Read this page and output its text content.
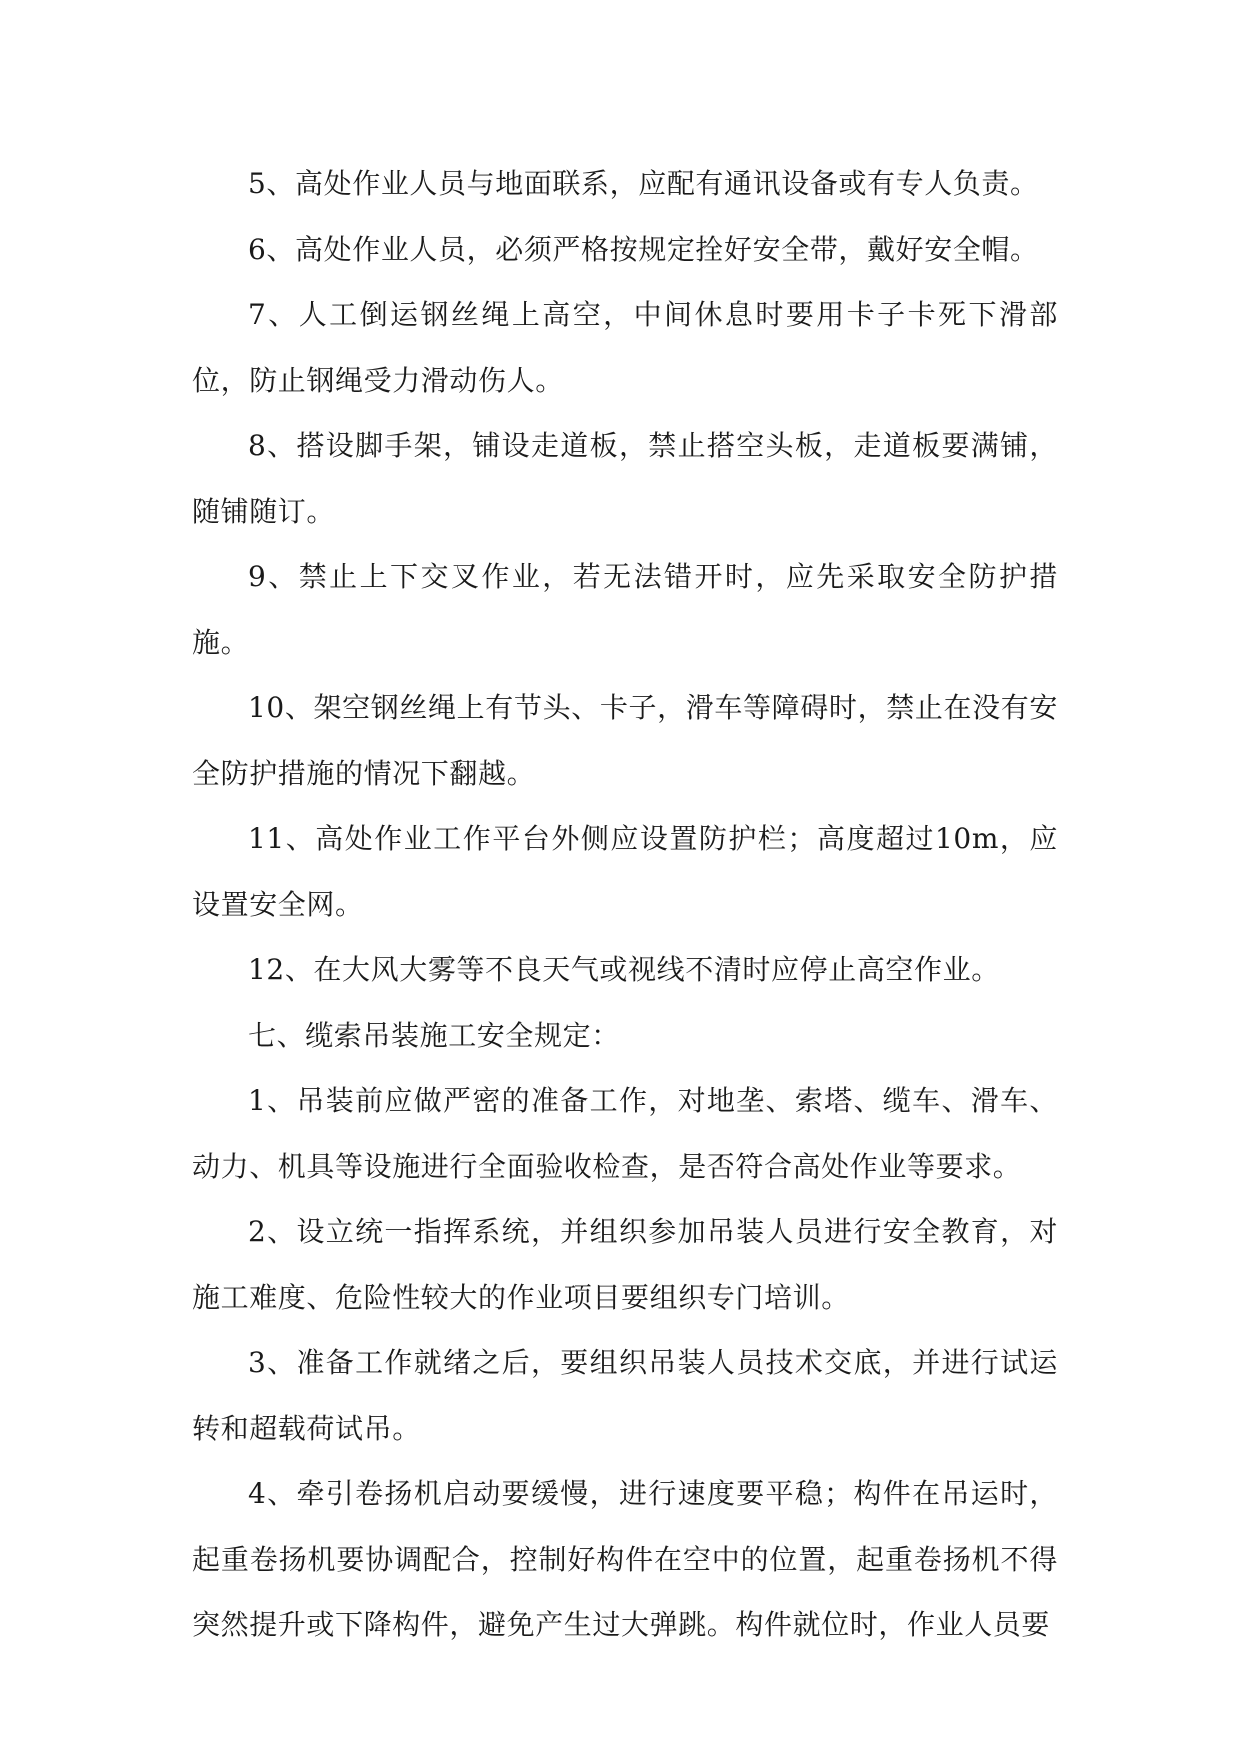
5、高处作业人员与地面联系，应配有通讯设备或有专人负责。

6、高处作业人员，必须严格按规定拴好安全带，戴好安全帽。

7、人工倒运钢丝绳上高空，中间休息时要用卡子卡死下滑部位，防止钢绳受力滑动伤人。

8、搭设脚手架，铺设走道板，禁止搭空头板，走道板要满铺，随铺随订。

9、禁止上下交叉作业，若无法错开时，应先采取安全防护措施。

10、架空钢丝绳上有节头、卡子，滑车等障碍时，禁止在没有安全防护措施的情况下翻越。

11、高处作业工作平台外侧应设置防护栏；高度超过10m，应设置安全网。

12、在大风大雾等不良天气或视线不清时应停止高空作业。

七、缆索吊装施工安全规定：

1、吊装前应做严密的准备工作，对地垄、索塔、缆车、滑车、动力、机具等设施进行全面验收检查，是否符合高处作业等要求。

2、设立统一指挥系统，并组织参加吊装人员进行安全教育，对施工难度、危险性较大的作业项目要组织专门培训。

3、准备工作就绪之后，要组织吊装人员技术交底，并进行试运转和超载荷试吊。

4、牵引卷扬机启动要缓慢，进行速度要平稳；构件在吊运时，起重卷扬机要协调配合，控制好构件在空中的位置，起重卷扬机不得突然提升或下降构件，避免产生过大弹跳。构件就位时，作业人员要
